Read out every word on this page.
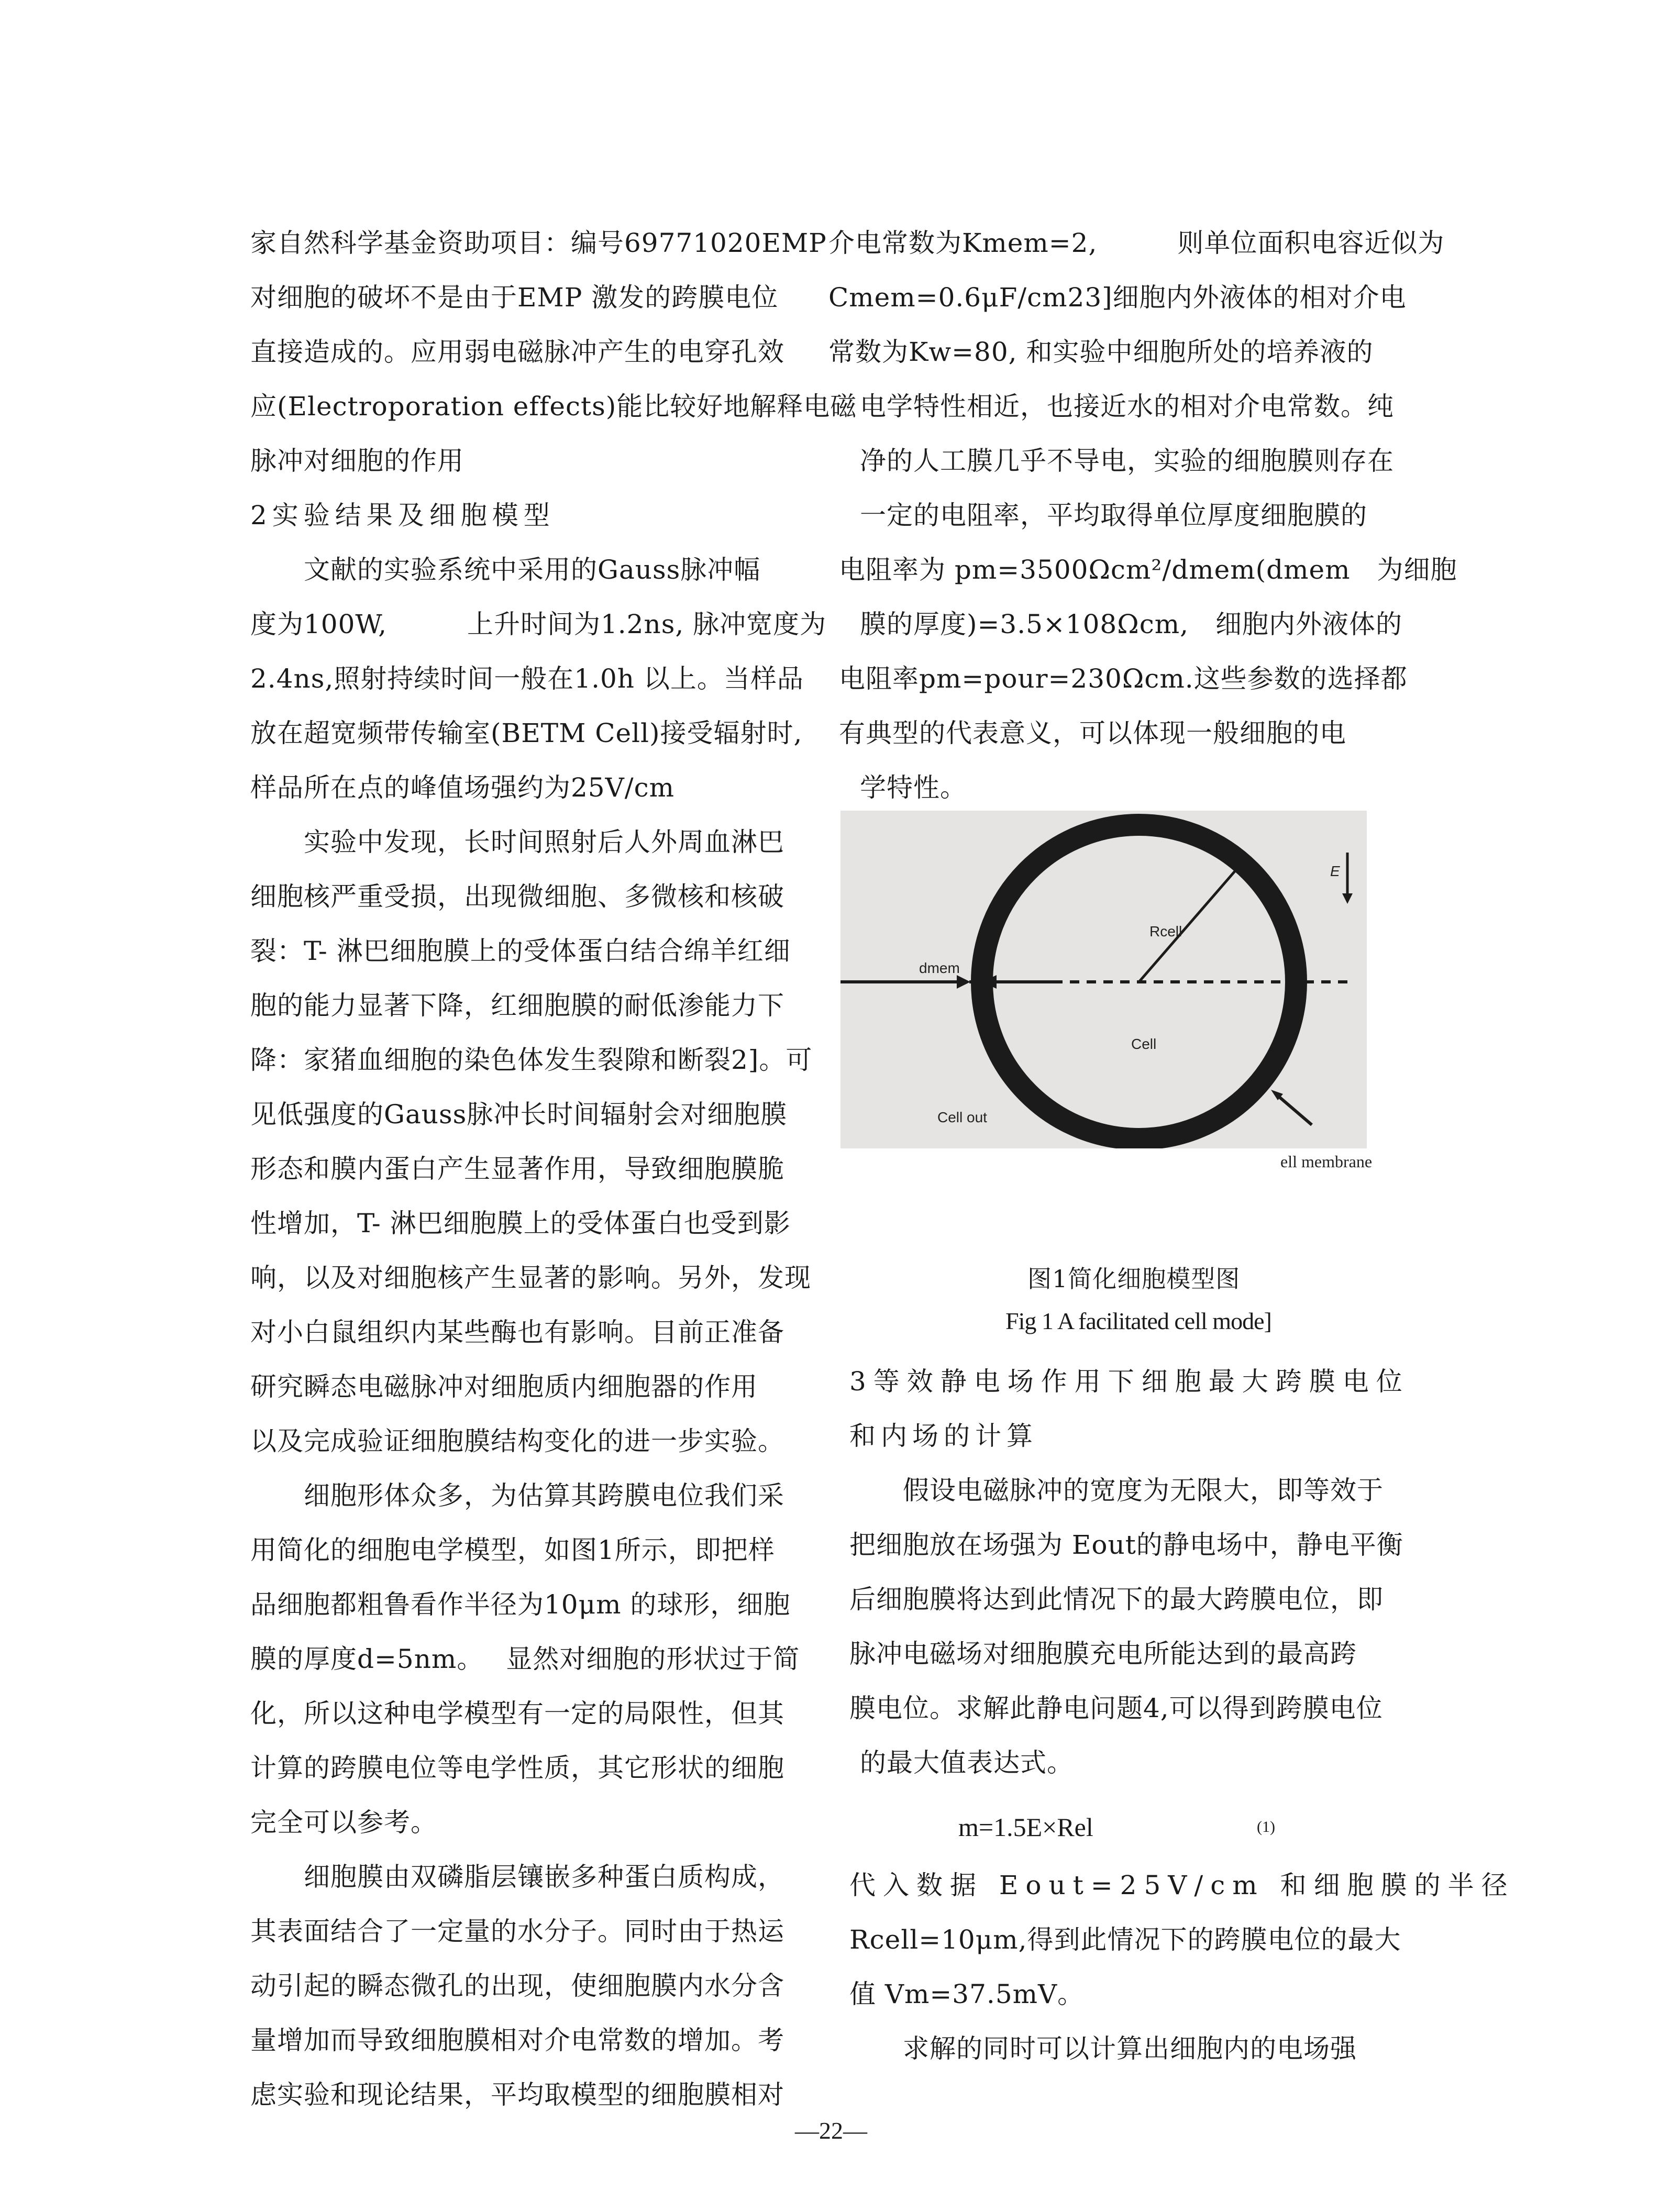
家自然科学基金资助项目：编号69771020EMP
对细胞的破坏不是由于EMP 激发的跨膜电位
直接造成的。应用弱电磁脉冲产生的电穿孔效
应(Electroporation effects)能比较好地解释电磁
脉冲对细胞的作用
2实验结果及细胞模型
　　文献的实验系统中采用的Gauss脉冲幅
度为100W,　　　上升时间为1.2ns, 脉冲宽度为
2.4ns,照射持续时间一般在1.0h 以上。当样品
放在超宽频带传输室(BETM Cell)接受辐射时,
样品所在点的峰值场强约为25V/cm
　　实验中发现，长时间照射后人外周血淋巴
细胞核严重受损，出现微细胞、多微核和核破
裂：T- 淋巴细胞膜上的受体蛋白结合绵羊红细
胞的能力显著下降，红细胞膜的耐低渗能力下
降：家猪血细胞的染色体发生裂隙和断裂2]。可
见低强度的Gauss脉冲长时间辐射会对细胞膜
形态和膜内蛋白产生显著作用，导致细胞膜脆
性增加，T- 淋巴细胞膜上的受体蛋白也受到影
响，以及对细胞核产生显著的影响。另外，发现
对小白鼠组织内某些酶也有影响。目前正准备
研究瞬态电磁脉冲对细胞质内细胞器的作用
以及完成验证细胞膜结构变化的进一步实验。
　　细胞形体众多，为估算其跨膜电位我们采
用简化的细胞电学模型，如图1所示，即把样
品细胞都粗鲁看作半径为10μm 的球形，细胞
膜的厚度d=5nm。　 显然对细胞的形状过于简
化，所以这种电学模型有一定的局限性，但其
计算的跨膜电位等电学性质，其它形状的细胞
完全可以参考。
　　细胞膜由双磷脂层镶嵌多种蛋白质构成，
其表面结合了一定量的水分子。同时由于热运
动引起的瞬态微孔的出现，使细胞膜内水分含
量增加而导致细胞膜相对介电常数的增加。考
虑实验和现论结果，平均取模型的细胞膜相对
介电常数为Kmem=2,　　　则单位面积电容近似为
Cmem=0.6μF/cm23]细胞内外液体的相对介电
常数为Kw=80, 和实验中细胞所处的培养液的
电学特性相近，也接近水的相对介电常数。纯
净的人工膜几乎不导电，实验的细胞膜则存在
一定的电阻率，平均取得单位厚度细胞膜的
电阻率为 pm=3500Ωcm²/dmem(dmem　为细胞
膜的厚度)=3.5×108Ωcm,　细胞内外液体的
电阻率pm=pour=230Ωcm.这些参数的选择都
有典型的代表意义，可以体现一般细胞的电
学特性。
E
Rcell
dmem
Cell
Cell out
ell membrane
图1简化细胞模型图
Fig 1 A facilitated cell mode]
3等效静电场作用下细胞最大跨膜电位
和内场的计算
　　假设电磁脉冲的宽度为无限大，即等效于
把细胞放在场强为 Eout的静电场中，静电平衡
后细胞膜将达到此情况下的最大跨膜电位，即
脉冲电磁场对细胞膜充电所能达到的最高跨
膜电位。求解此静电问题4,可以得到跨膜电位
的最大值表达式。
m=1.5E×Rel	(1)
代入数据 Eout=25V/cm 和细胞膜的半径
Rcell=10μm,得到此情况下的跨膜电位的最大
值 Vm=37.5mV。
　　求解的同时可以计算出细胞内的电场强
—22—
